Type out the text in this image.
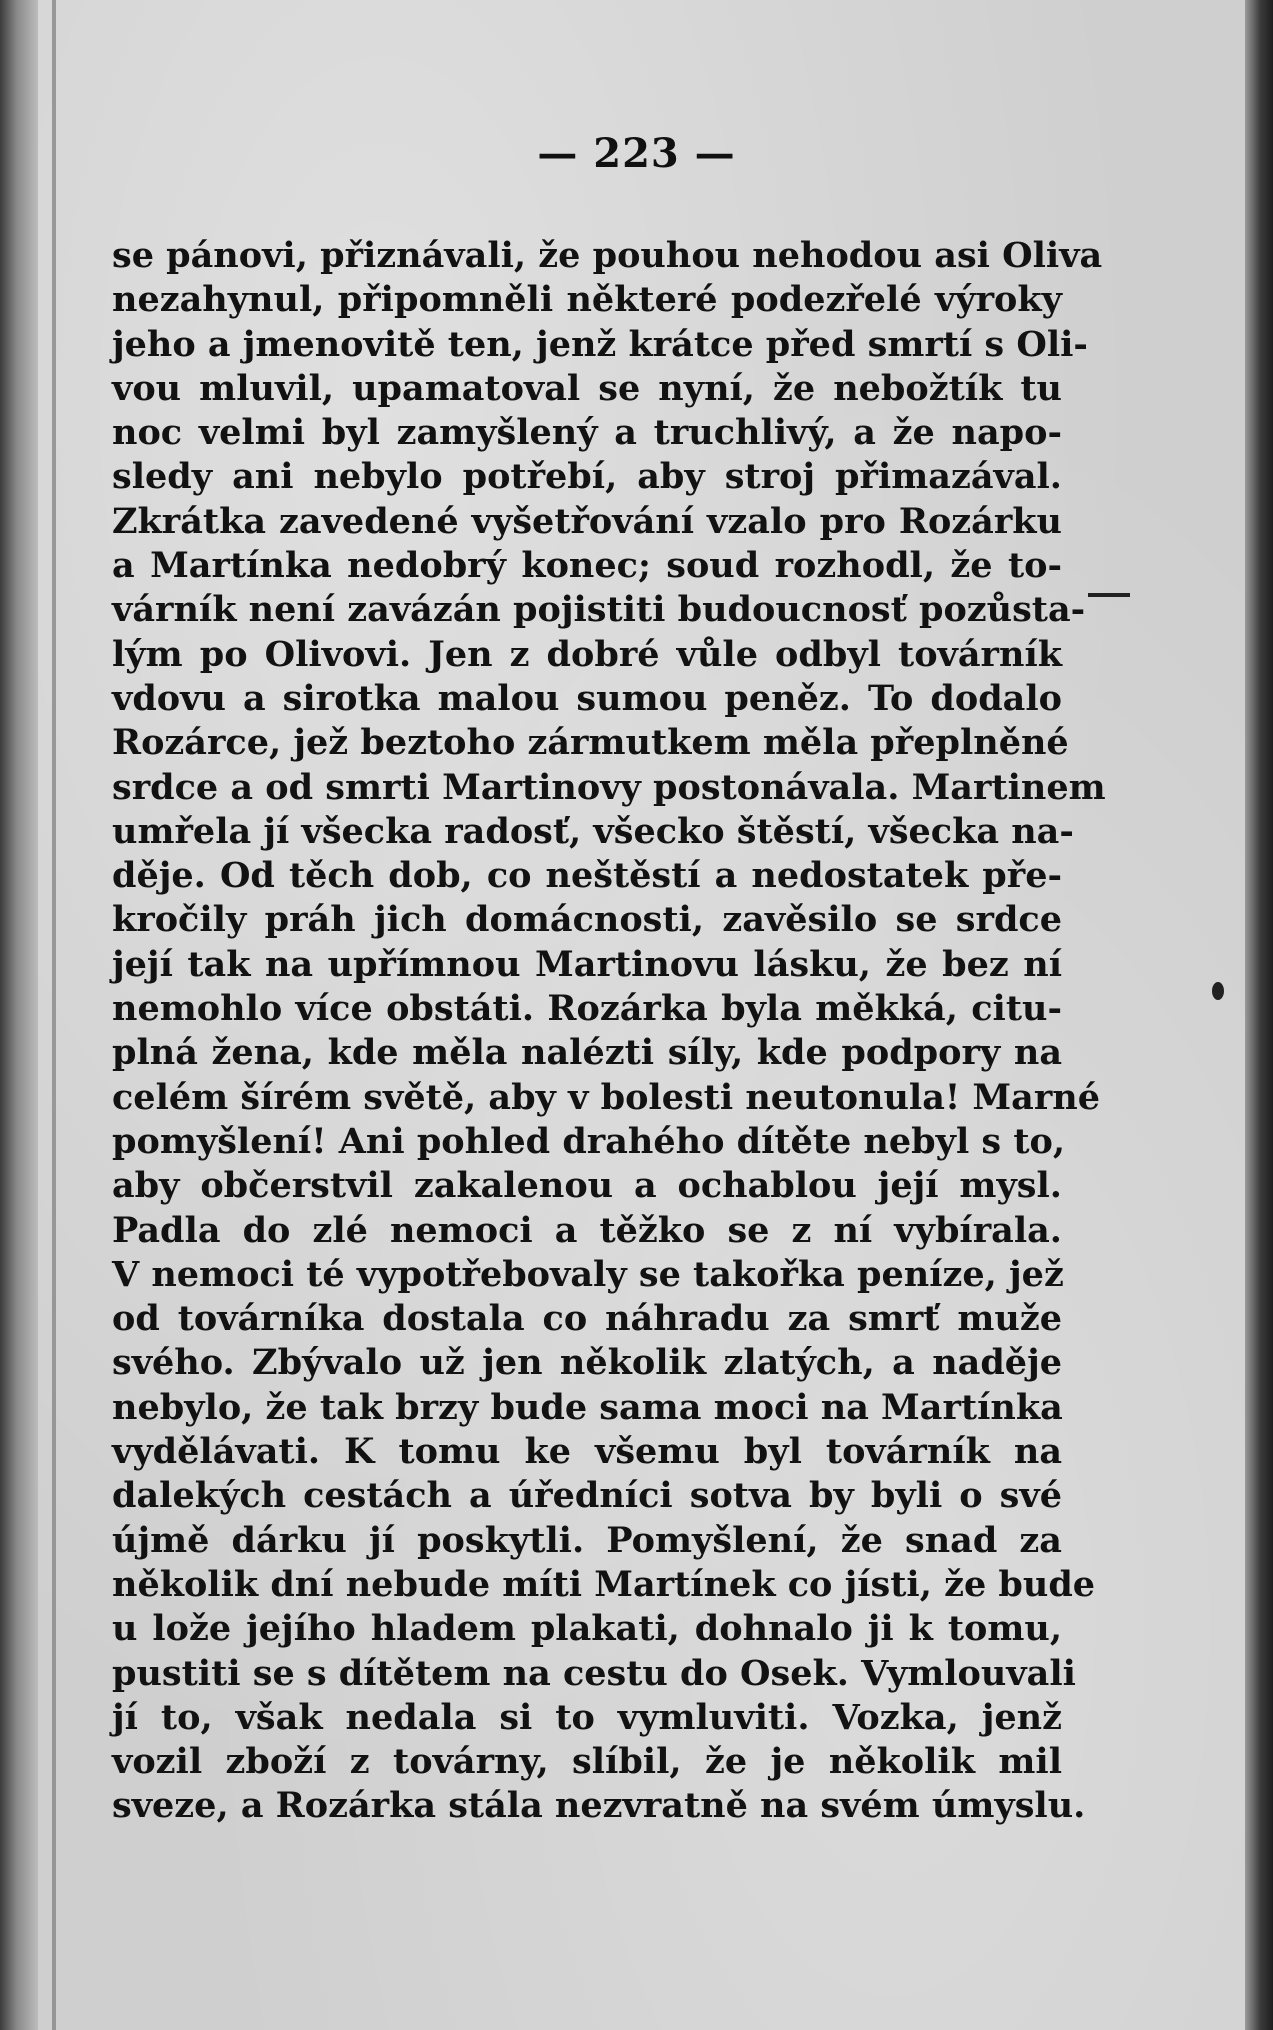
— 223 —
se pánovi, přiznávali, že pouhou nehodou asi Oliva
nezahynul, připomněli některé podezřelé výroky
jeho a jmenovitě ten, jenž krátce před smrtí s Oli-
vou mluvil, upamatoval se nyní, že nebožtík tu
noc velmi byl zamyšlený a truchlivý, a že napo-
sledy ani nebylo potřebí, aby stroj přimazával.
Zkrátka zavedené vyšetřování vzalo pro Rozárku
a Martínka nedobrý konec; soud rozhodl, že to-
várník není zavázán pojistiti budoucnosť pozůsta-
lým po Olivovi. Jen z dobré vůle odbyl továrník
vdovu a sirotka malou sumou peněz. To dodalo
Rozárce, jež beztoho zármutkem měla přeplněné
srdce a od smrti Martinovy postonávala. Martinem
umřela jí všecka radosť, všecko štěstí, všecka na-
děje. Od těch dob, co neštěstí a nedostatek pře-
kročily práh jich domácnosti, zavěsilo se srdce
její tak na upřímnou Martinovu lásku, že bez ní
nemohlo více obstáti. Rozárka byla měkká, citu-
plná žena, kde měla nalézti síly, kde podpory na
celém šírém světě, aby v bolesti neutonula! Marné
pomyšlení! Ani pohled drahého dítěte nebyl s to,
aby občerstvil zakalenou a ochablou její mysl.
Padla do zlé nemoci a těžko se z ní vybírala.
V nemoci té vypotřebovaly se takořka peníze, jež
od továrníka dostala co náhradu za smrť muže
svého. Zbývalo už jen několik zlatých, a naděje
nebylo, že tak brzy bude sama moci na Martínka
vydělávati. K tomu ke všemu byl továrník na
dalekých cestách a úředníci sotva by byli o své
újmě dárku jí poskytli. Pomyšlení, že snad za
několik dní nebude míti Martínek co jísti, že bude
u lože jejího hladem plakati, dohnalo ji k tomu,
pustiti se s dítětem na cestu do Osek. Vymlouvali
jí to, však nedala si to vymluviti. Vozka, jenž
vozil zboží z továrny, slíbil, že je několik mil
sveze, a Rozárka stála nezvratně na svém úmyslu.
